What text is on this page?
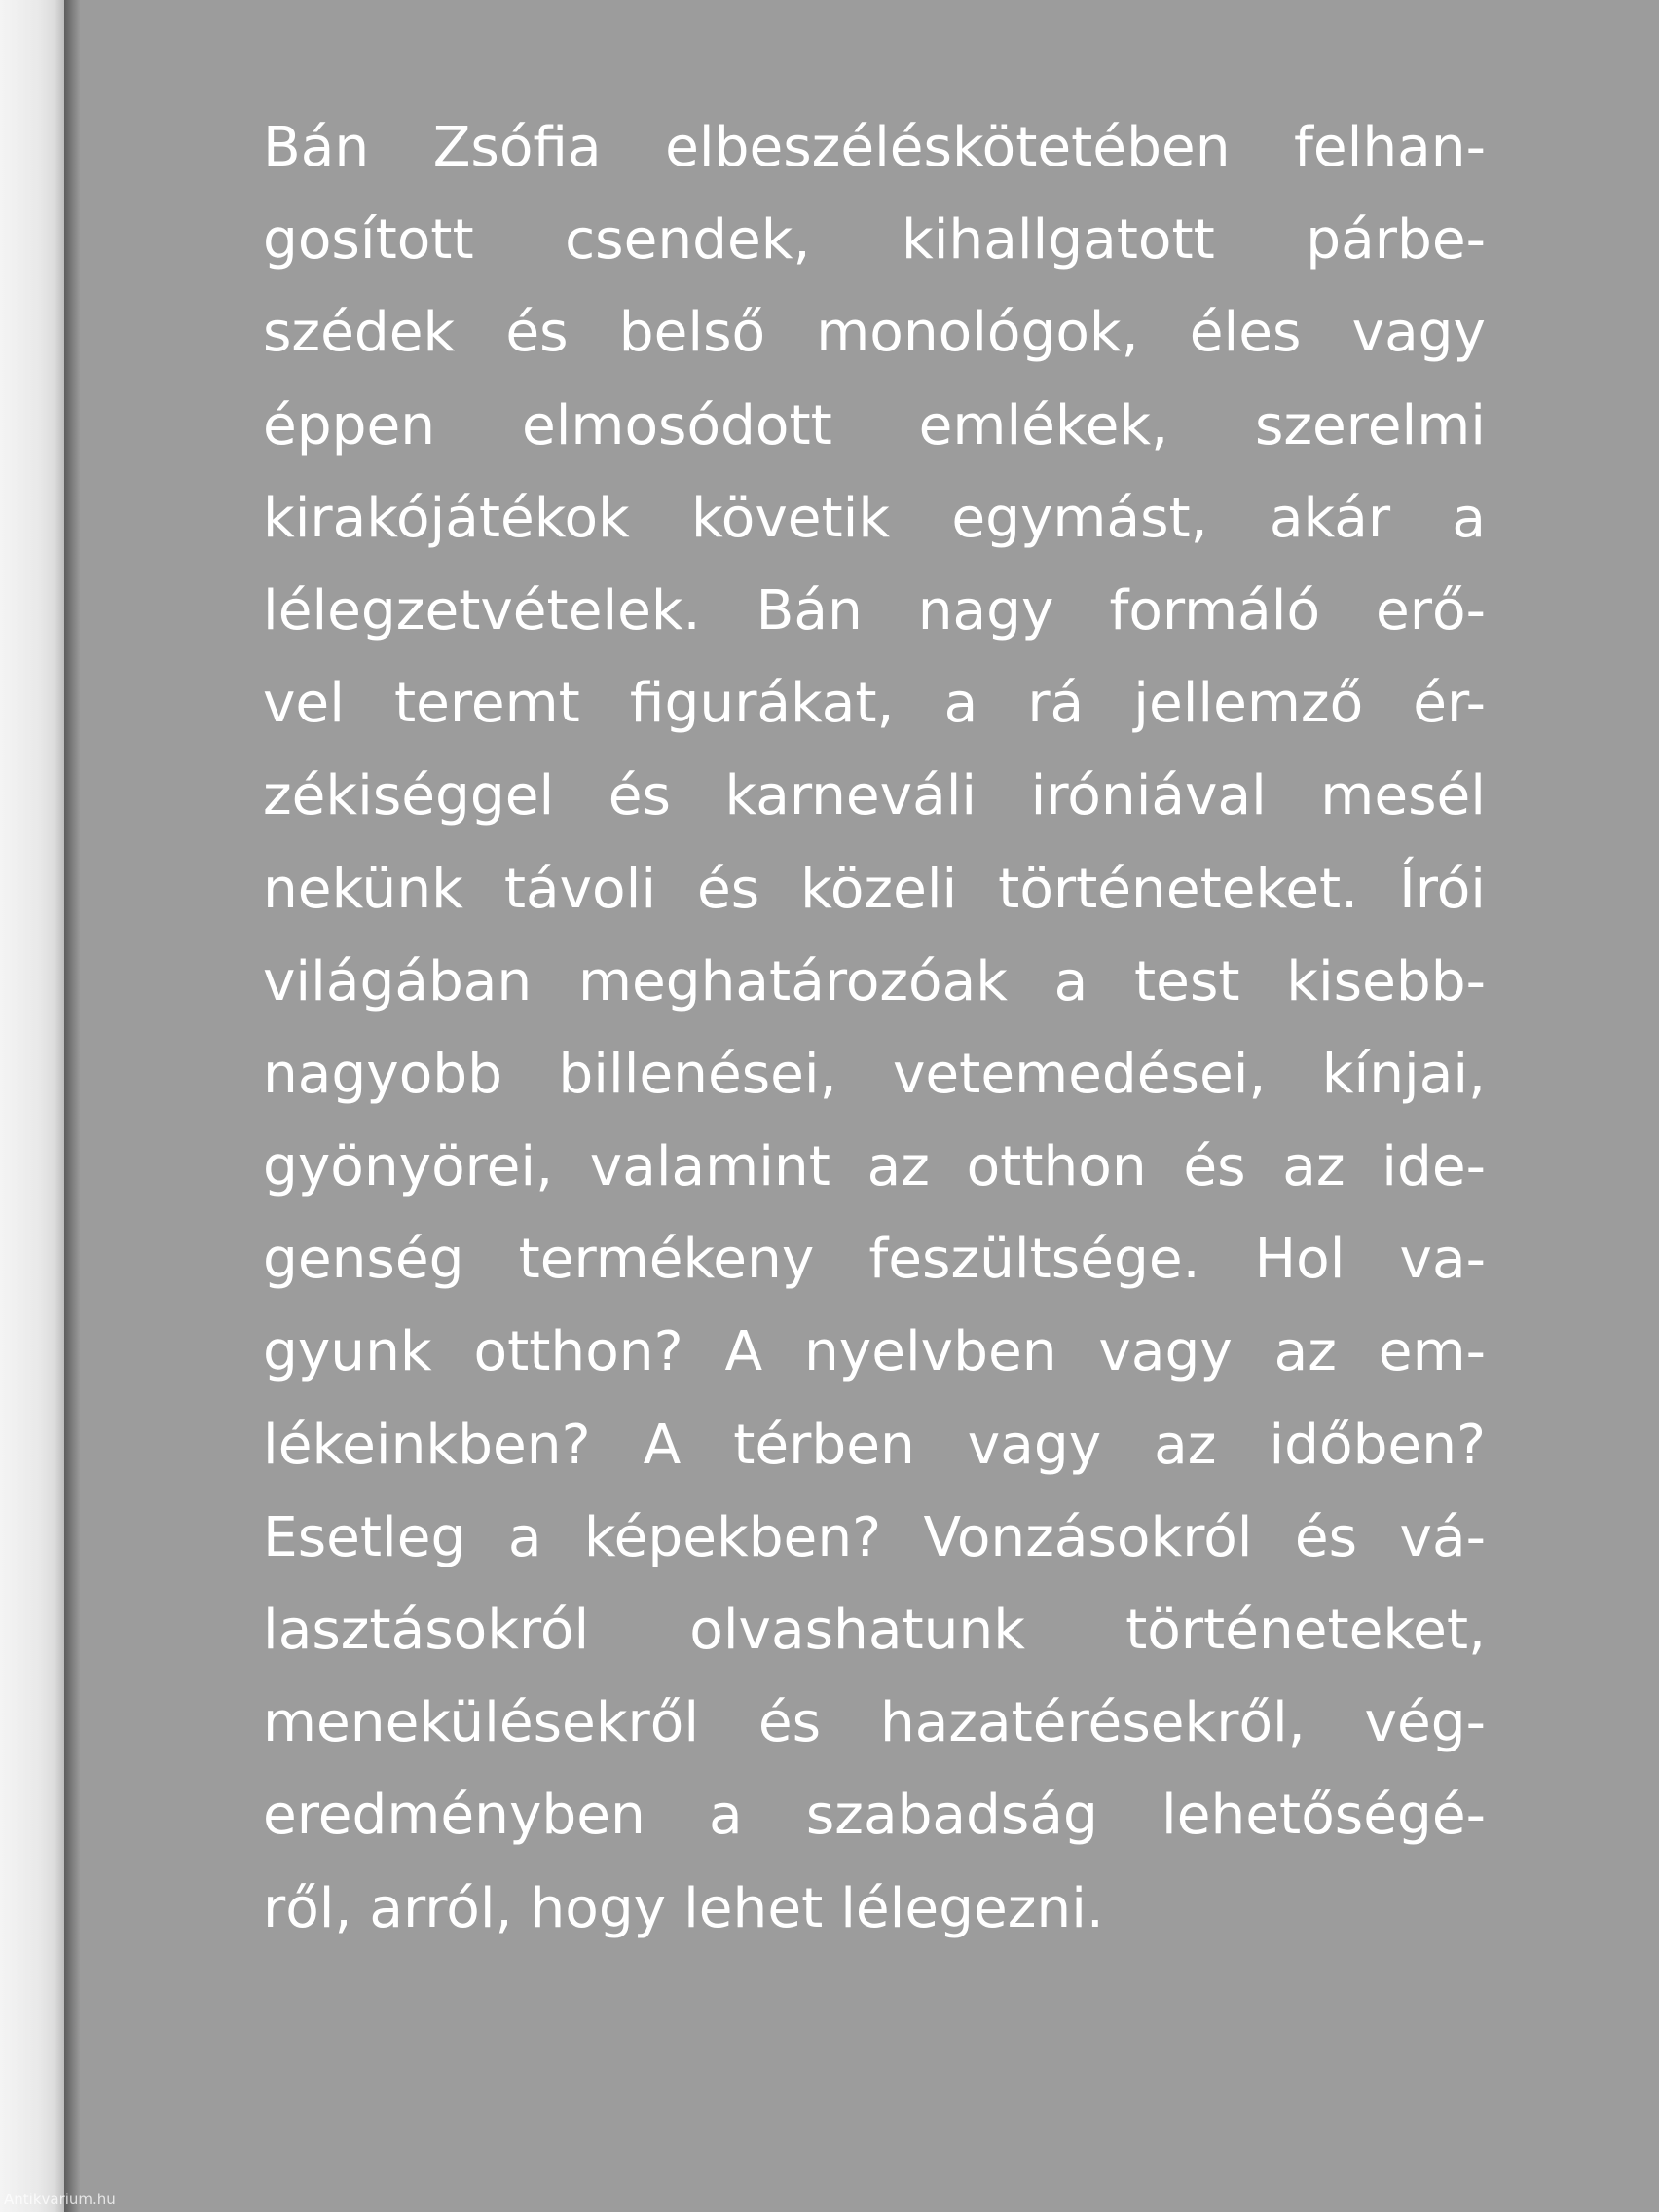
Bán Zsófia elbeszéléskötetében felhan-
gosított csendek, kihallgatott párbe-
szédek és belső monológok, éles vagy
éppen elmosódott emlékek, szerelmi
kirakójátékok követik egymást, akár a
lélegzetvételek. Bán nagy formáló erő-
vel teremt figurákat, a rá jellemző ér-
zékiséggel és karneváli iróniával mesél
nekünk távoli és közeli történeteket. Írói
világában meghatározóak a test kisebb-
nagyobb billenései, vetemedései, kínjai,
gyönyörei, valamint az otthon és az ide-
genség termékeny feszültsége. Hol va-
gyunk otthon? A nyelvben vagy az em-
lékeinkben? A térben vagy az időben?
Esetleg a képekben? Vonzásokról és vá-
lasztásokról olvashatunk történeteket,
menekülésekről és hazatérésekről, vég-
eredményben a szabadság lehetőségé-
ről, arról, hogy lehet lélegezni.
Antikvarium.hu
